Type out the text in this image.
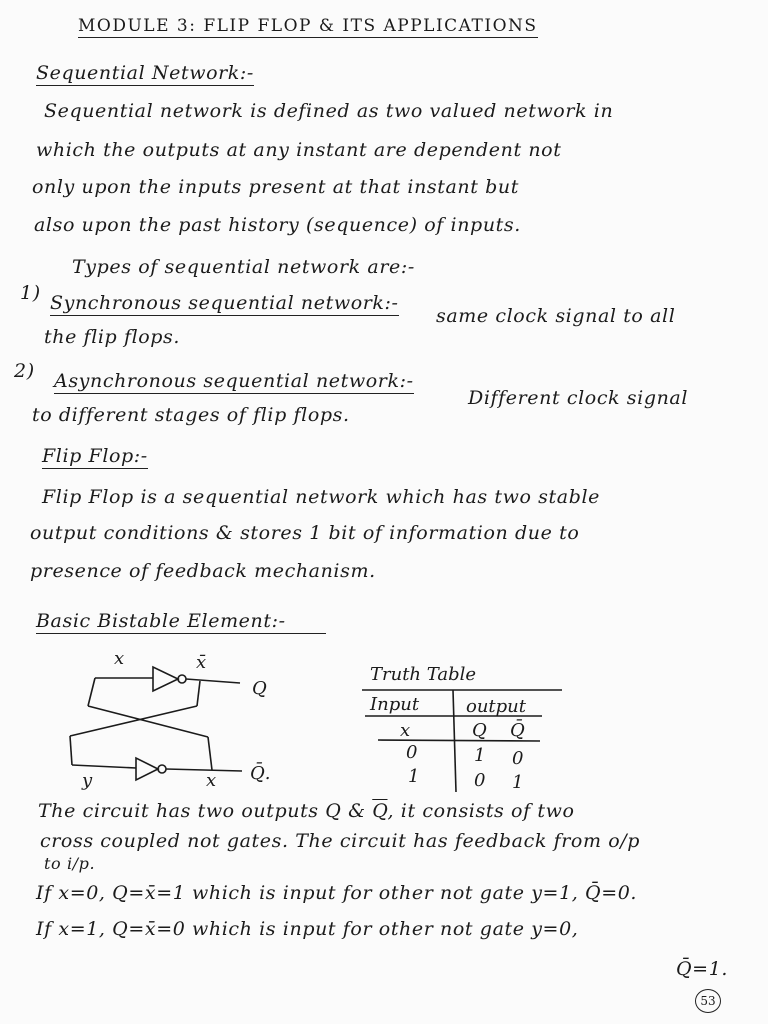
MODULE 3: FLIP FLOP & ITS APPLICATIONS
Sequential Network:-
Sequential network is defined as two valued network in
which the outputs at any instant are dependent not
only upon the inputs present at that instant but
also upon the past history (sequence) of inputs.
Types of sequential network are:-
1) Synchronous sequential network:-
same clock signal to all
the flip flops.
2) Asynchronous sequential network:-
Different clock signal
to different stages of flip flops.
Flip Flop:-
Flip Flop is a sequential network which has two stable
output conditions & stores 1 bit of information due to
presence of feedback mechanism.
Basic Bistable Element:-
x	x̄
Q
y	x Q̄.
Truth Table
Input	output
x	Q Q̄
0	1 0
1	0 1
The circuit has two outputs Q & $\overline{Q}$, it consists of two
cross coupled not gates. The circuit has feedback from o/p
to i/p.
If x=0, Q=x̄=1 which is input for other not gate y=1, Q̄=0.
If x=1, Q=x̄=0 which is input for other not gate y=0,
Q̄=1.
53
